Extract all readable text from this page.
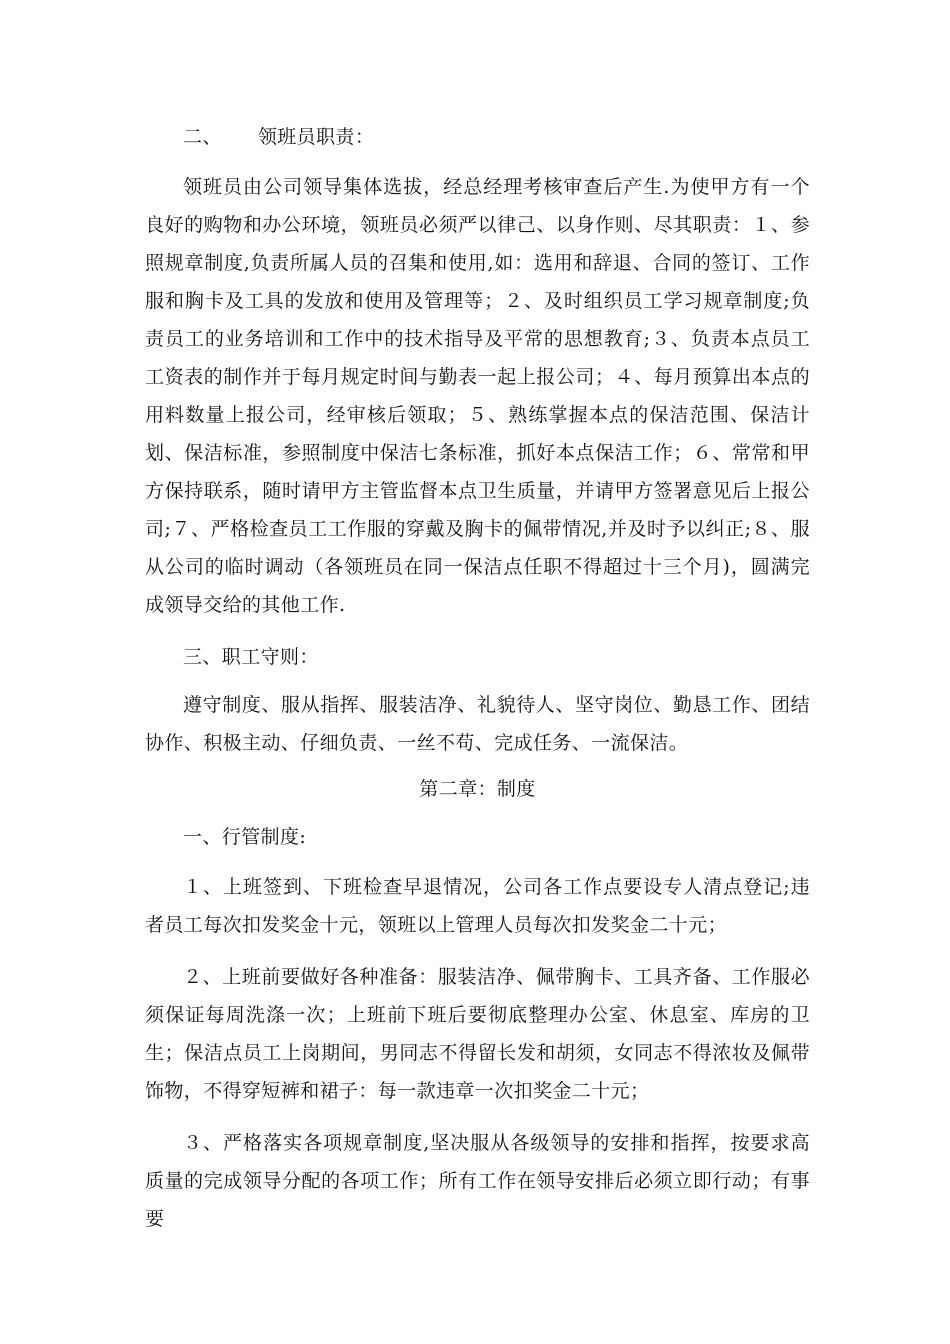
二、 领班员职责：

领班员由公司领导集体选拔，经总经理考核审查后产生.为使甲方有一个良好的购物和办公环境，领班员必须严以律己、以身作则、尽其职责：１、参照规章制度,负责所属人员的召集和使用,如：选用和辞退、合同的签订、工作服和胸卡及工具的发放和使用及管理等；２、及时组织员工学习规章制度;负责员工的业务培训和工作中的技术指导及平常的思想教育;３、负责本点员工工资表的制作并于每月规定时间与勤表一起上报公司；４、每月预算出本点的用料数量上报公司，经审核后领取；５、熟练掌握本点的保洁范围、保洁计划、保洁标准，参照制度中保洁七条标准，抓好本点保洁工作；６、常常和甲方保持联系，随时请甲方主管监督本点卫生质量，并请甲方签署意见后上报公司;７、严格检查员工工作服的穿戴及胸卡的佩带情况,并及时予以纠正;８、服从公司的临时调动（各领班员在同一保洁点任职不得超过十三个月)，圆满完成领导交给的其他工作.

三、职工守则：

遵守制度、服从指挥、服装洁净、礼貌待人、坚守岗位、勤恳工作、团结协作、积极主动、仔细负责、一丝不苟、完成任务、一流保洁。

第二章：制度

一、行管制度:

１、上班签到、下班检查早退情况，公司各工作点要设专人清点登记;违者员工每次扣发奖金十元，领班以上管理人员每次扣发奖金二十元；

２、上班前要做好各种准备：服装洁净、佩带胸卡、工具齐备、工作服必须保证每周洗涤一次；上班前下班后要彻底整理办公室、休息室、库房的卫生；保洁点员工上岗期间，男同志不得留长发和胡须，女同志不得浓妆及佩带饰物，不得穿短裤和裙子：每一款违章一次扣奖金二十元；

３、严格落实各项规章制度,坚决服从各级领导的安排和指挥，按要求高质量的完成领导分配的各项工作；所有工作在领导安排后必须立即行动；有事要
